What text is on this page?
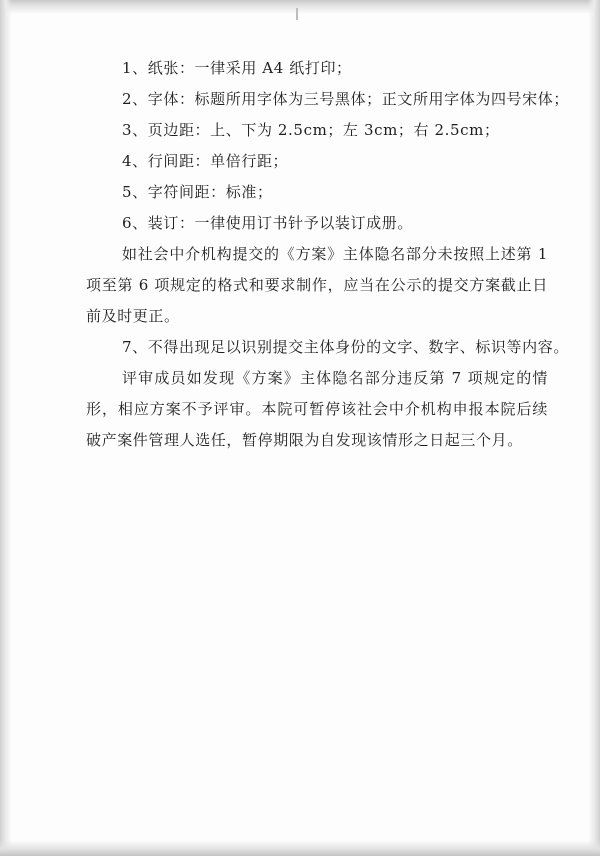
1、纸张：一律采用 A4 纸打印；
2、字体：标题所用字体为三号黑体；正文所用字体为四号宋体；
3、页边距：上、下为 2.5cm；左 3cm；右 2.5cm；
4、行间距：单倍行距；
5、字符间距：标准；
6、装订：一律使用订书针予以装订成册。
如社会中介机构提交的《方案》主体隐名部分未按照上述第 1 项至第 6 项规定的格式和要求制作，应当在公示的提交方案截止日前及时更正。
7、不得出现足以识别提交主体身份的文字、数字、标识等内容。
评审成员如发现《方案》主体隐名部分违反第 7 项规定的情形，相应方案不予评审。本院可暂停该社会中介机构申报本院后续破产案件管理人选任，暂停期限为自发现该情形之日起三个月。
